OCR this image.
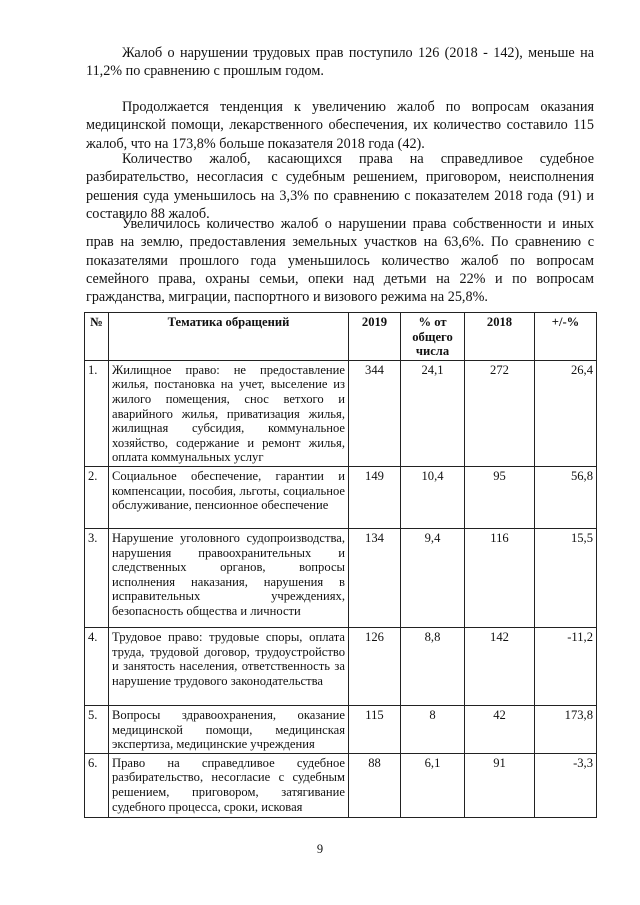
Жалоб о нарушении трудовых прав поступило 126 (2018 - 142), меньше на 11,2% по сравнению с прошлым годом.

Продолжается тенденция к увеличению жалоб по вопросам оказания медицинской помощи, лекарственного обеспечения, их количество составило 115 жалоб, что на 173,8% больше показателя 2018 года (42).

Количество жалоб, касающихся права на справедливое судебное разбирательство, несогласия с судебным решением, приговором, неисполнения решения суда уменьшилось на 3,3% по сравнению с показателем 2018 года (91) и составило 88 жалоб.

Увеличилось количество жалоб о нарушении права собственности и иных прав на землю, предоставления земельных участков на 63,6%. По сравнению с показателями прошлого года уменьшилось количество жалоб по вопросам семейного права, охраны семьи, опеки над детьми на 22% и по вопросам гражданства, миграции, паспортного и визового режима на 25,8%.

№	Тематика обращений	2019	% от общего числа	2018	+/-%
1.	Жилищное право: не предоставление жилья, постановка на учет, выселение из жилого помещения, снос ветхого и аварийного жилья, приватизация жилья, жилищная субсидия, коммунальное хозяйство, содержание и ремонт жилья, оплата коммунальных услуг	344	24,1	272	26,4
2.	Социальное обеспечение, гарантии и компенсации, пособия, льготы, социальное обслуживание, пенсионное обеспечение	149	10,4	95	56,8
3.	Нарушение уголовного судопроизводства, нарушения правоохранительных и следственных органов, вопросы исполнения наказания, нарушения в исправительных учреждениях, безопасность общества и личности	134	9,4	116	15,5
4.	Трудовое право: трудовые споры, оплата труда, трудовой договор, трудоустройство и занятость населения, ответственность за нарушение трудового законодательства	126	8,8	142	-11,2
5.	Вопросы здравоохранения, оказание медицинской помощи, медицинская экспертиза, медицинские учреждения	115	8	42	173,8
6.	Право на справедливое судебное разбирательство, несогласие с судебным решением, приговором, затягивание судебного процесса, сроки, исковая	88	6,1	91	-3,3
9
